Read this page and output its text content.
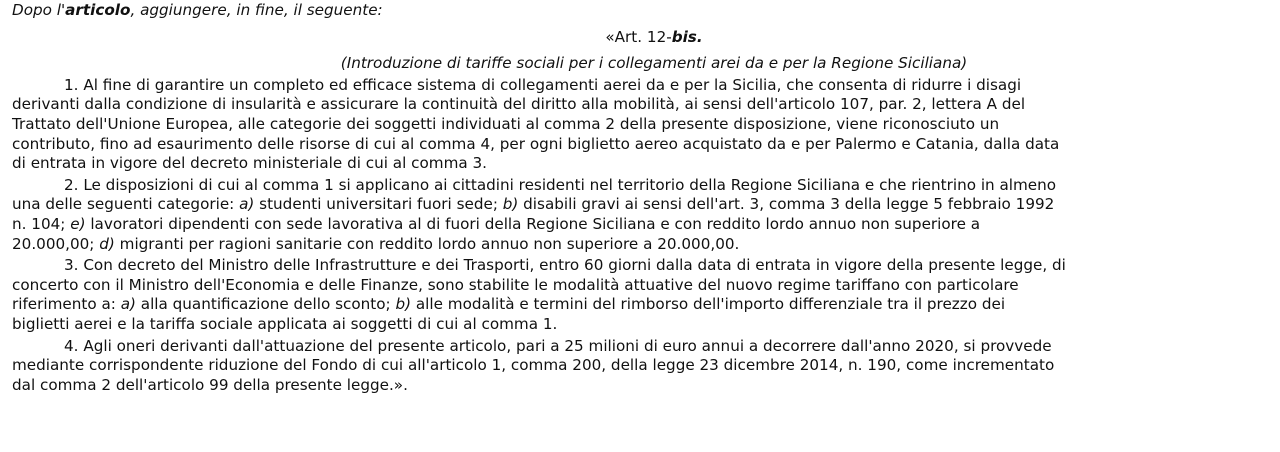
Dopo l'articolo, aggiungere, in fine, il seguente:

«Art. 12-bis.

(Introduzione di tariffe sociali per i collegamenti arei da e per la Regione Siciliana)

1. Al fine di garantire un completo ed efficace sistema di collegamenti aerei da e per la Sicilia, che consenta di ridurre i disagi
derivanti dalla condizione di insularità e assicurare la continuità del diritto alla mobilità, ai sensi dell'articolo 107, par. 2, lettera A del
Trattato dell'Unione Europea, alle categorie dei soggetti individuati al comma 2 della presente disposizione, viene riconosciuto un
contributo, fino ad esaurimento delle risorse di cui al comma 4, per ogni biglietto aereo acquistato da e per Palermo e Catania, dalla data
di entrata in vigore del decreto ministeriale di cui al comma 3.

2. Le disposizioni di cui al comma 1 si applicano ai cittadini residenti nel territorio della Regione Siciliana e che rientrino in almeno
una delle seguenti categorie: a) studenti universitari fuori sede; b) disabili gravi ai sensi dell'art. 3, comma 3 della legge 5 febbraio 1992
n. 104; e) lavoratori dipendenti con sede lavorativa al di fuori della Regione Siciliana e con reddito lordo annuo non superiore a
20.000,00; d) migranti per ragioni sanitarie con reddito lordo annuo non superiore a 20.000,00.

3. Con decreto del Ministro delle Infrastrutture e dei Trasporti, entro 60 giorni dalla data di entrata in vigore della presente legge, di
concerto con il Ministro dell'Economia e delle Finanze, sono stabilite le modalità attuative del nuovo regime tariffano con particolare
riferimento a: a) alla quantificazione dello sconto; b) alle modalità e termini del rimborso dell'importo differenziale tra il prezzo dei
biglietti aerei e la tariffa sociale applicata ai soggetti di cui al comma 1.

4. Agli oneri derivanti dall'attuazione del presente articolo, pari a 25 milioni di euro annui a decorrere dall'anno 2020, si provvede
mediante corrispondente riduzione del Fondo di cui all'articolo 1, comma 200, della legge 23 dicembre 2014, n. 190, come incrementato
dal comma 2 dell'articolo 99 della presente legge.».
